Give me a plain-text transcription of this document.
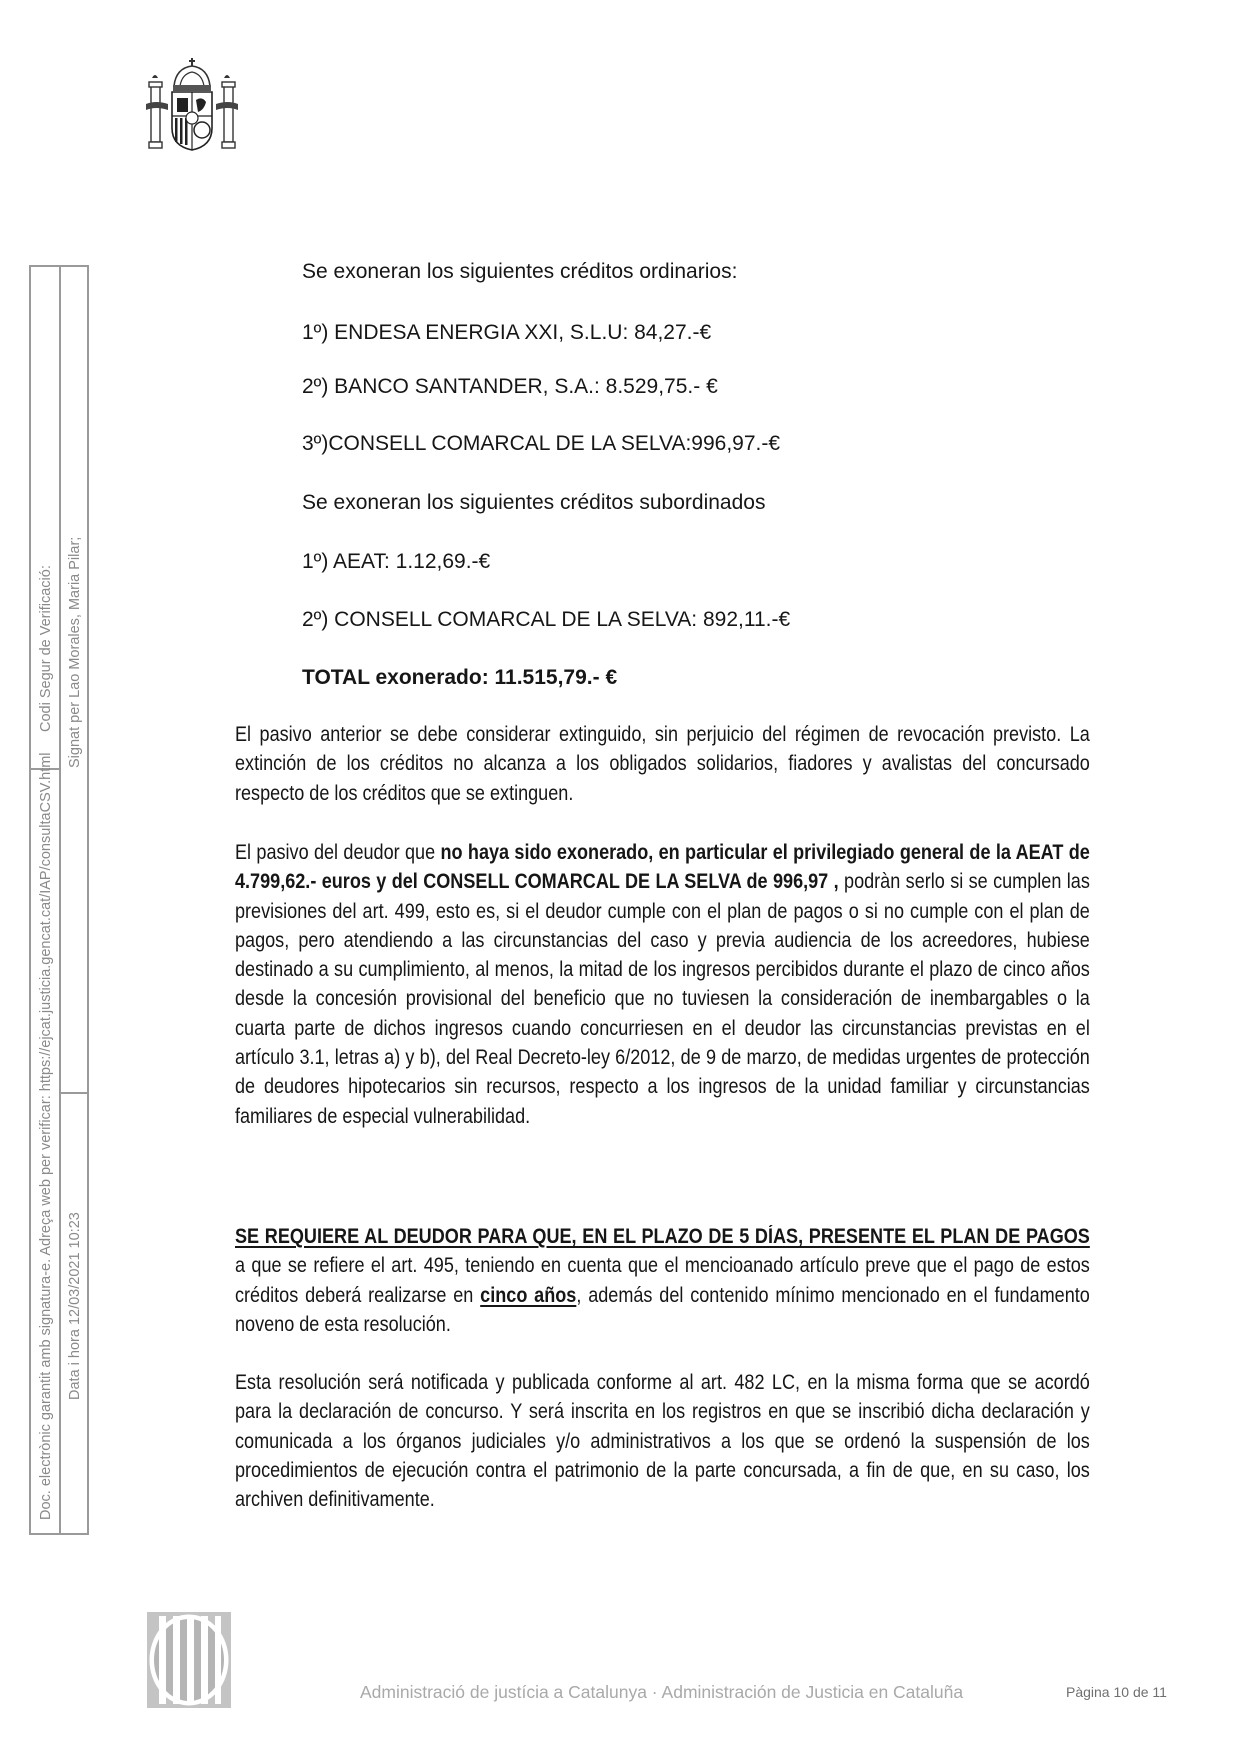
Codi Segur de Verificació: Signat per Lao Morales, Maria Pilar;
Doc. electrònic garantit amb signatura-e. Adreça web per verificar: https://ejcat.justicia.gencat.cat/IAP/consultaCSV.html Data i hora 12/03/2021 10:23
Se exoneran los siguientes créditos ordinarios:
1º) ENDESA ENERGIA XXI, S.L.U: 84,27.-€
2º) BANCO SANTANDER, S.A.: 8.529,75.- €
3º)CONSELL COMARCAL DE LA SELVA:996,97.-€
Se exoneran los siguientes créditos subordinados
1º) AEAT: 1.12,69.-€
2º) CONSELL COMARCAL DE LA SELVA: 892,11.-€
TOTAL exonerado: 11.515,79.- €
El pasivo anterior se debe considerar extinguido, sin perjuicio del régimen de revocación previsto. La extinción de los créditos no alcanza a los obligados solidarios, fiadores y avalistas del concursado respecto de los créditos que se extinguen.
El pasivo del deudor que no haya sido exonerado, en particular el privilegiado general de la AEAT de 4.799,62.- euros y del CONSELL COMARCAL DE LA SELVA de 996,97 , podràn serlo si se cumplen las previsiones del art. 499, esto es, si el deudor cumple con el plan de pagos o si no cumple con el plan de pagos, pero atendiendo a las circunstancias del caso y previa audiencia de los acreedores, hubiese destinado a su cumplimiento, al menos, la mitad de los ingresos percibidos durante el plazo de cinco años desde la concesión provisional del beneficio que no tuviesen la consideración de inembargables o la cuarta parte de dichos ingresos cuando concurriesen en el deudor las circunstancias previstas en el artículo 3.1, letras a) y b), del Real Decreto-ley 6/2012, de 9 de marzo, de medidas urgentes de protección de deudores hipotecarios sin recursos, respecto a los ingresos de la unidad familiar y circunstancias familiares de especial vulnerabilidad.
SE REQUIERE AL DEUDOR PARA QUE, EN EL PLAZO DE 5 DÍAS, PRESENTE EL PLAN DE PAGOS a que se refiere el art. 495, teniendo en cuenta que el mencioanado artículo preve que el pago de estos créditos deberá realizarse en cinco años, además del contenido mínimo mencionado en el fundamento noveno de esta resolución.
Esta resolución será notificada y publicada conforme al art. 482 LC, en la misma forma que se acordó para la declaración de concurso. Y será inscrita en los registros en que se inscribió dicha declaración y comunicada a los órganos judiciales y/o administrativos a los que se ordenó la suspensión de los procedimientos de ejecución contra el patrimonio de la parte concursada, a fin de que, en su caso, los archiven definitivamente.
Administració de justícia a Catalunya · Administración de Justicia en Cataluña	Pàgina 10 de 11
